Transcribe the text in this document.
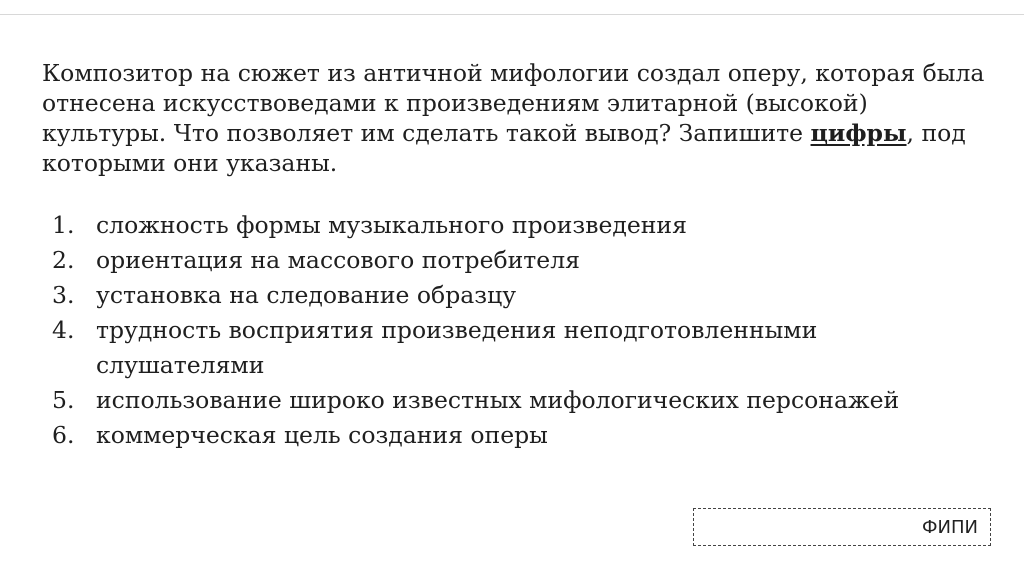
Композитор на сюжет из античной мифологии создал оперу, которая была отнесена искусствоведами к произведениям элитарной (высокой) культуры. Что позволяет им сделать такой вывод? Запишите цифры, под которыми они указаны.

1. сложность формы музыкального произведения
2. ориентация на массового потребителя
3. установка на следование образцу
4. трудность восприятия произведения неподготовленными слушателями
5. использование широко известных мифологических персонажей
6. коммерческая цель создания оперы
ФИПИ
